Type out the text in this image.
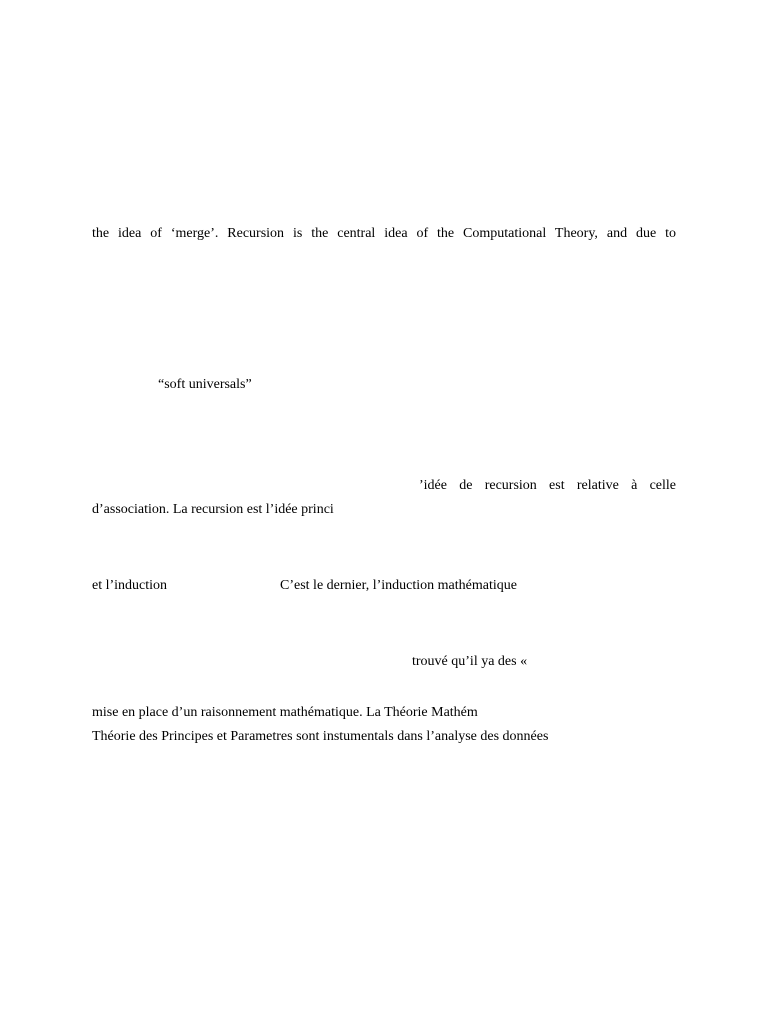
the idea of ‘merge’. Recursion is the central idea of the Computational Theory, and due to
“soft universals”
’idée de recursion est relative à celle
d’association. La recursion est l’idée princi
et l’induction	C’est le dernier, l’induction mathématique
trouvé qu’il ya des «
mise en place d’un raisonnement mathématique. La Théorie Mathém
Théorie des Principes et Parametres sont instumentals dans l’analyse des données
